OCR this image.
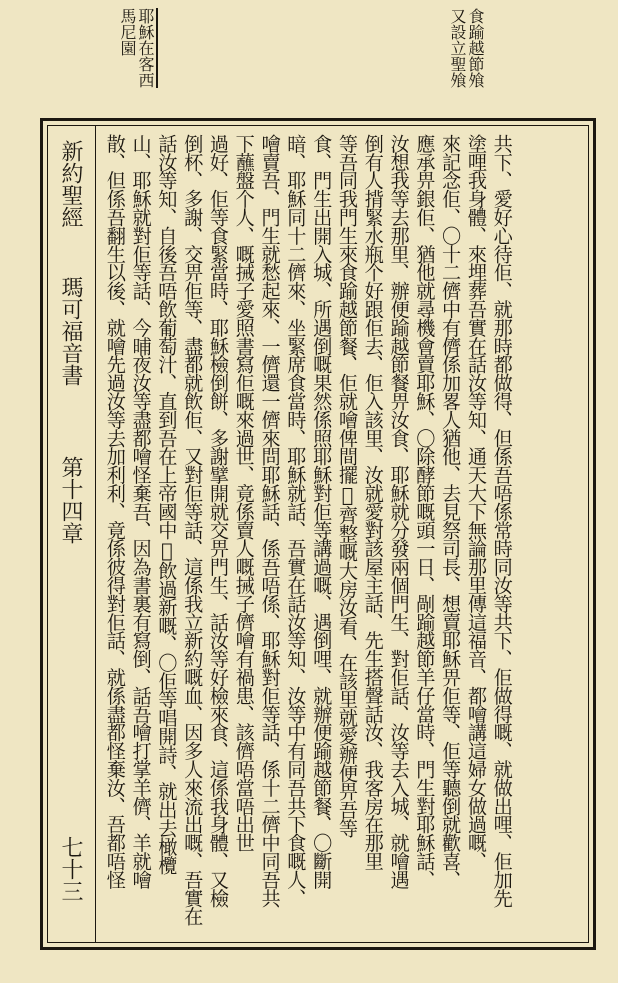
食踰越節飧 又設立聖飧
耶穌在客西 馬尼園
新約聖經
瑪可福音書
第十四章
七十三	共下、愛好心待佢、就那時都做得、但係吾唔係常時同汝等共下、佢做得嘅、就做出哩、佢加先
塗哩我身體、來埋葬吾實在話汝等知、通天大下無論那里傳這福音、都噲講這婦女做過嘅、
來記念佢、〇十二儕中有儕係加畧人猶他、去見祭司長、想賣耶穌畀佢等、佢等聽倒就歡喜、
應承畀銀佢、猶他就尋機會賣耶穌、〇除酵節嘅頭一日、剮踰越節羊仔當時、門生對耶穌話、
汝想我等去那里、辦便踰越節餐畀汝食、耶穌就分發兩個門生、對佢話、汝等去入城、就噲遇
倒有人揹緊水瓶个好跟佢去、佢入該里、汝就愛對該屋主話、先生搭聲話汝、我客房在那里
等吾同我門生來食踰越節餐、佢就噲俾間擺𢩾齊整嘅大房汝看、在該里就愛辦便畀吾等
食、門生出開入城、所遇倒嘅果然係照耶穌對佢等講過嘅、遇倒哩、就辦便踰越節餐、〇斷開
暗、耶穌同十二儕來、坐緊席食當時、耶穌就話、吾實在話汝等知、汝等中有同吾共下食嘅人、
噲賣吾、門生就愁起來、一儕還一儕來問耶穌話、係吾唔係、耶穌對佢等話、係十二儕中同吾共
下蘸盤个人、嘅𢬿子愛照書寫佢嘅來過世、竟係賣人嘅𢬿子儕噲有禍患、該儕唔當唔出世
過好、佢等食緊當時、耶穌檢倒餅、多謝擘開就交畀門生、話汝等好檢來食、這係我身體、又檢
倒杯、多謝、交畀佢等、盡都就飲佢、又對佢等話、這係我立新約嘅血、因多人來流出嘅、吾實在
話汝等知、自後吾唔飲葡萄汁、直到吾在上帝國中𢩾飲過新嘅、〇佢等唱開詩、就出去橄欖
山、耶穌就對佢等話、今晡夜汝等盡都噲怪棄吾、因為書裏有寫倒、話吾噲打掌羊儕、羊就噲
散、但係吾翻生以後、就噲先過汝等去加利利、竟係彼得對佢話、就係盡都怪棄汝、吾都唔怪
